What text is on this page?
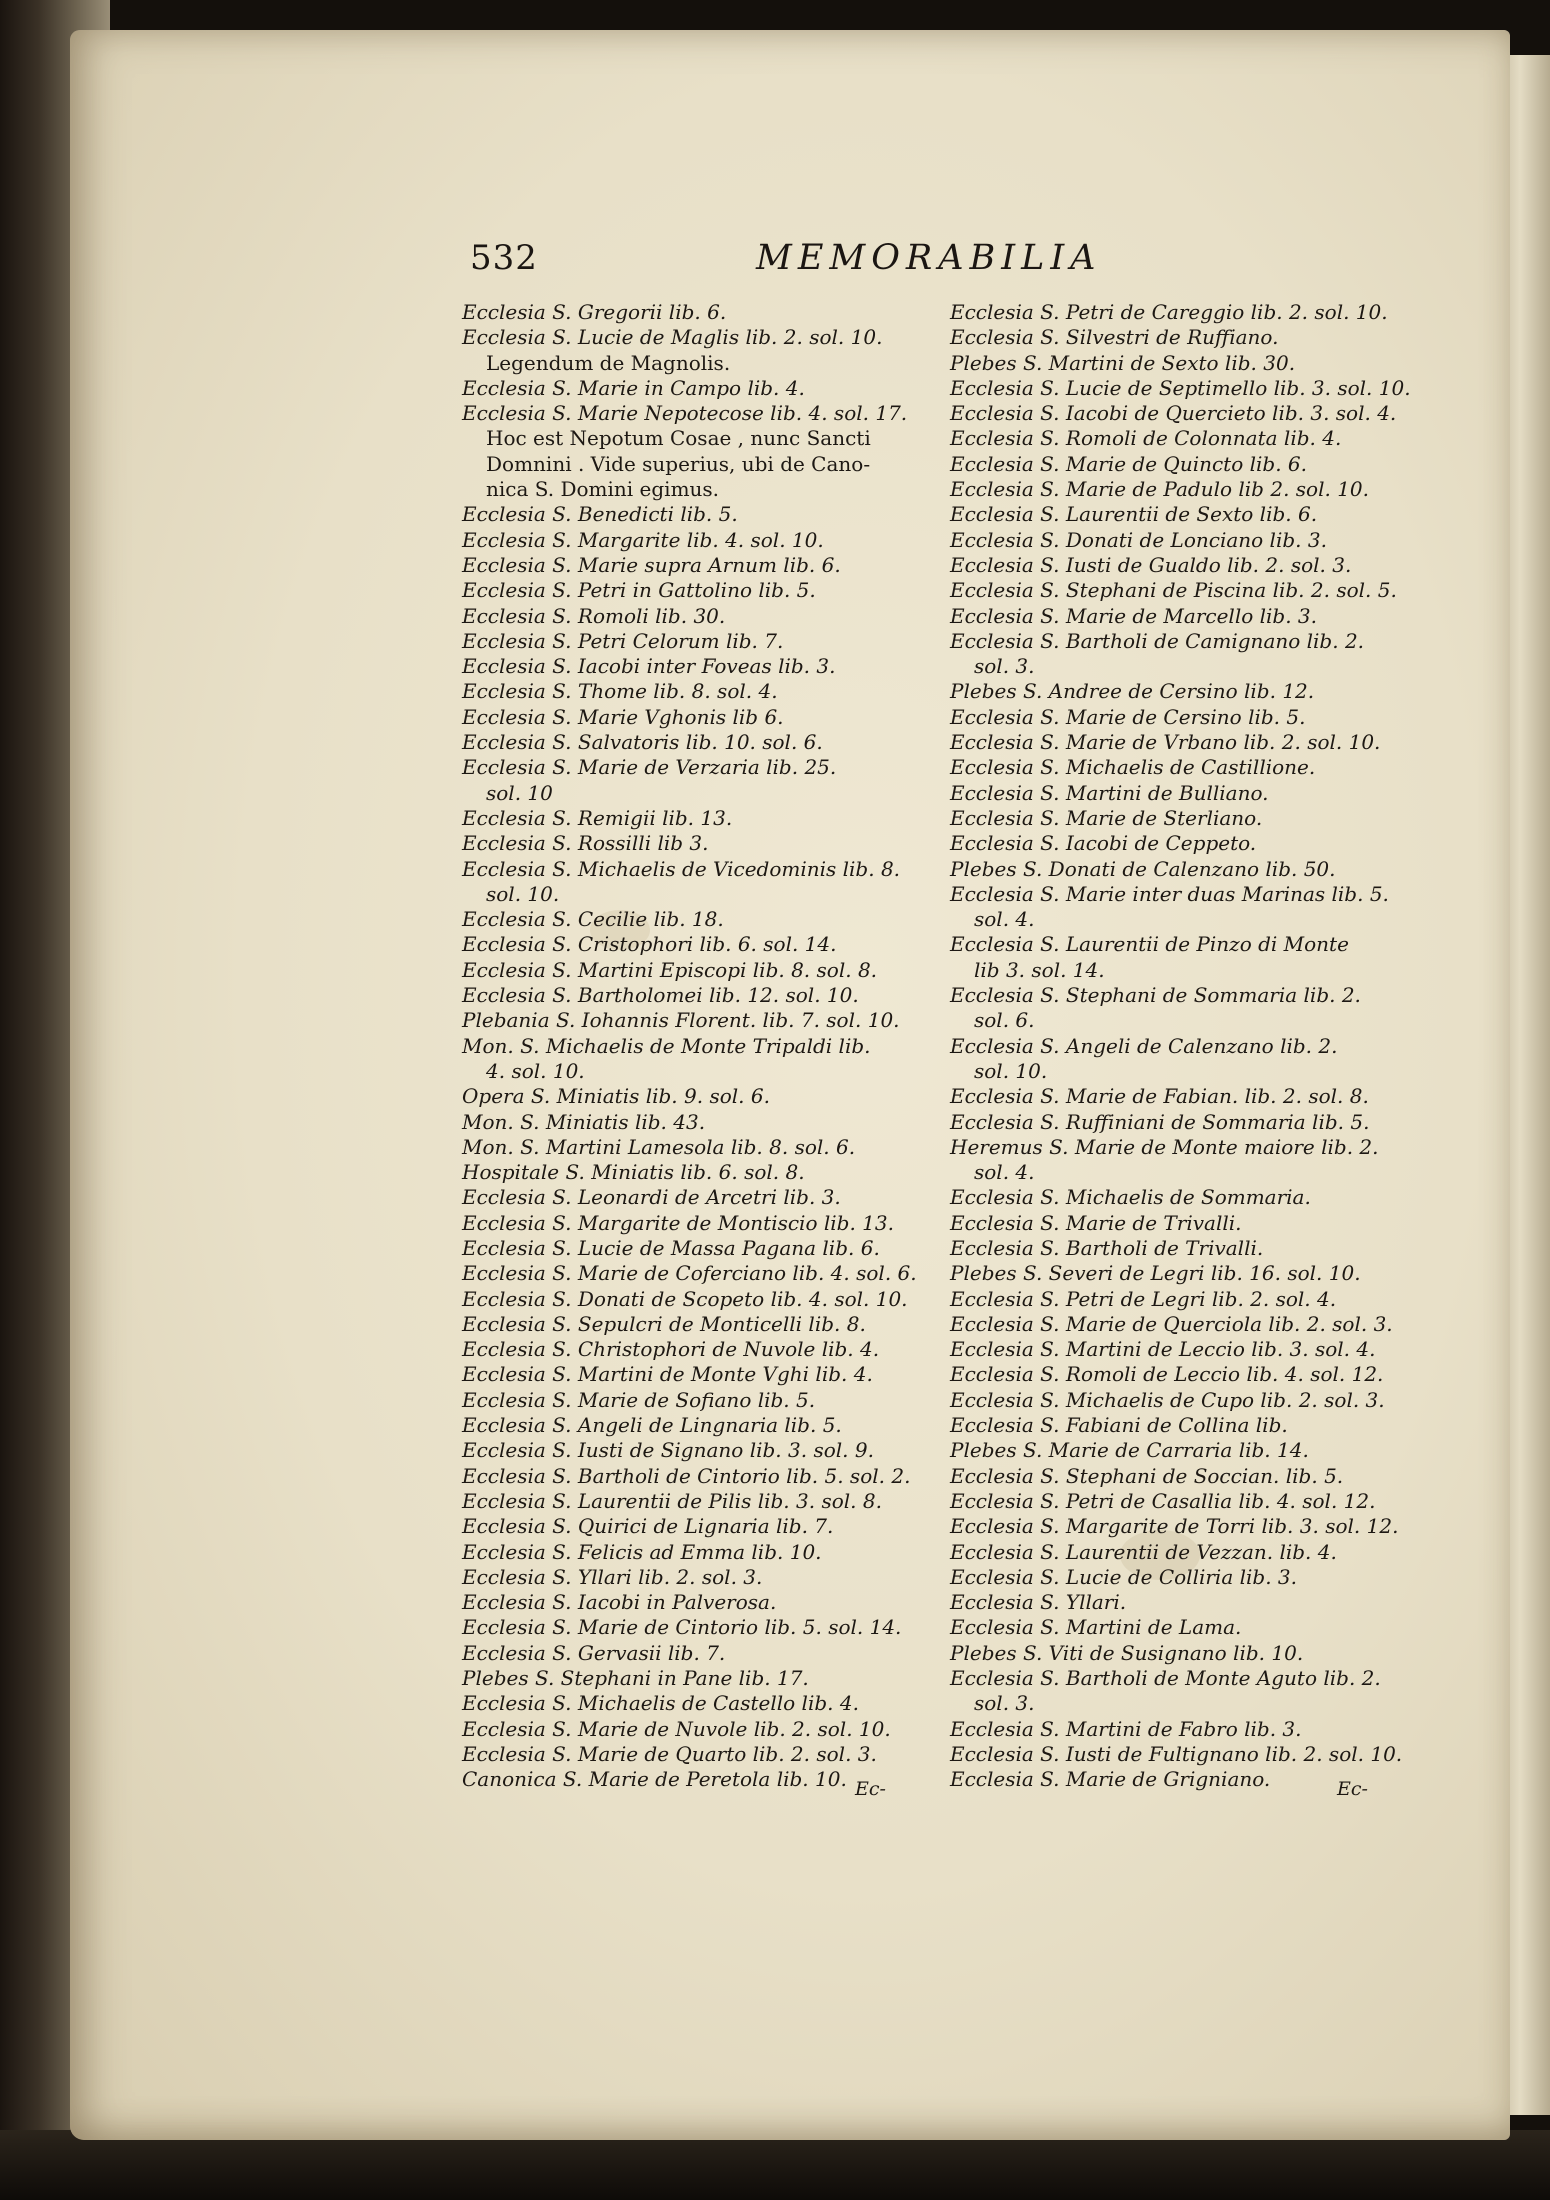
532	MEMORABILIA
Ecclesia S. Gregorii lib. 6.
Ecclesia S. Lucie de Maglis lib. 2. sol. 10.
Legendum de Magnolis.
Ecclesia S. Marie in Campo lib. 4.
Ecclesia S. Marie Nepotecose lib. 4. sol. 17.
Hoc est Nepotum Cosae , nunc Sancti
Domnini . Vide superius, ubi de Cano-
nica S. Domini egimus.
Ecclesia S. Benedicti lib. 5.
Ecclesia S. Margarite lib. 4. sol. 10.
Ecclesia S. Marie supra Arnum lib. 6.
Ecclesia S. Petri in Gattolino lib. 5.
Ecclesia S. Romoli lib. 30.
Ecclesia S. Petri Celorum lib. 7.
Ecclesia S. Iacobi inter Foveas lib. 3.
Ecclesia S. Thome lib. 8. sol. 4.
Ecclesia S. Marie Vghonis lib 6.
Ecclesia S. Salvatoris lib. 10. sol. 6.
Ecclesia S. Marie de Verzaria lib. 25.
sol. 10
Ecclesia S. Remigii lib. 13.
Ecclesia S. Rossilli lib 3.
Ecclesia S. Michaelis de Vicedominis lib. 8.
sol. 10.
Ecclesia S. Cecilie lib. 18.
Ecclesia S. Cristophori lib. 6. sol. 14.
Ecclesia S. Martini Episcopi lib. 8. sol. 8.
Ecclesia S. Bartholomei lib. 12. sol. 10.
Plebania S. Iohannis Florent. lib. 7. sol. 10.
Mon. S. Michaelis de Monte Tripaldi lib.
4. sol. 10.
Opera S. Miniatis lib. 9. sol. 6.
Mon. S. Miniatis lib. 43.
Mon. S. Martini Lamesola lib. 8. sol. 6.
Hospitale S. Miniatis lib. 6. sol. 8.
Ecclesia S. Leonardi de Arcetri lib. 3.
Ecclesia S. Margarite de Montiscio lib. 13.
Ecclesia S. Lucie de Massa Pagana lib. 6.
Ecclesia S. Marie de Coferciano lib. 4. sol. 6.
Ecclesia S. Donati de Scopeto lib. 4. sol. 10.
Ecclesia S. Sepulcri de Monticelli lib. 8.
Ecclesia S. Christophori de Nuvole lib. 4.
Ecclesia S. Martini de Monte Vghi lib. 4.
Ecclesia S. Marie de Sofiano lib. 5.
Ecclesia S. Angeli de Lingnaria lib. 5.
Ecclesia S. Iusti de Signano lib. 3. sol. 9.
Ecclesia S. Bartholi de Cintorio lib. 5. sol. 2.
Ecclesia S. Laurentii de Pilis lib. 3. sol. 8.
Ecclesia S. Quirici de Lignaria lib. 7.
Ecclesia S. Felicis ad Emma lib. 10.
Ecclesia S. Yllari lib. 2. sol. 3.
Ecclesia S. Iacobi in Palverosa.
Ecclesia S. Marie de Cintorio lib. 5. sol. 14.
Ecclesia S. Gervasii lib. 7.
Plebes S. Stephani in Pane lib. 17.
Ecclesia S. Michaelis de Castello lib. 4.
Ecclesia S. Marie de Nuvole lib. 2. sol. 10.
Ecclesia S. Marie de Quarto lib. 2. sol. 3.
Canonica S. Marie de Peretola lib. 10.
Ecclesia S. Petri de Careggio lib. 2. sol. 10.
Ecclesia S. Silvestri de Ruffiano.
Plebes S. Martini de Sexto lib. 30.
Ecclesia S. Lucie de Septimello lib. 3. sol. 10.
Ecclesia S. Iacobi de Quercieto lib. 3. sol. 4.
Ecclesia S. Romoli de Colonnata lib. 4.
Ecclesia S. Marie de Quincto lib. 6.
Ecclesia S. Marie de Padulo lib 2. sol. 10.
Ecclesia S. Laurentii de Sexto lib. 6.
Ecclesia S. Donati de Lonciano lib. 3.
Ecclesia S. Iusti de Gualdo lib. 2. sol. 3.
Ecclesia S. Stephani de Piscina lib. 2. sol. 5.
Ecclesia S. Marie de Marcello lib. 3.
Ecclesia S. Bartholi de Camignano lib. 2.
sol. 3.
Plebes S. Andree de Cersino lib. 12.
Ecclesia S. Marie de Cersino lib. 5.
Ecclesia S. Marie de Vrbano lib. 2. sol. 10.
Ecclesia S. Michaelis de Castillione.
Ecclesia S. Martini de Bulliano.
Ecclesia S. Marie de Sterliano.
Ecclesia S. Iacobi de Ceppeto.
Plebes S. Donati de Calenzano lib. 50.
Ecclesia S. Marie inter duas Marinas lib. 5.
sol. 4.
Ecclesia S. Laurentii de Pinzo di Monte
lib 3. sol. 14.
Ecclesia S. Stephani de Sommaria lib. 2.
sol. 6.
Ecclesia S. Angeli de Calenzano lib. 2.
sol. 10.
Ecclesia S. Marie de Fabian. lib. 2. sol. 8.
Ecclesia S. Ruffiniani de Sommaria lib. 5.
Heremus S. Marie de Monte maiore lib. 2.
sol. 4.
Ecclesia S. Michaelis de Sommaria.
Ecclesia S. Marie de Trivalli.
Ecclesia S. Bartholi de Trivalli.
Plebes S. Severi de Legri lib. 16. sol. 10.
Ecclesia S. Petri de Legri lib. 2. sol. 4.
Ecclesia S. Marie de Querciola lib. 2. sol. 3.
Ecclesia S. Martini de Leccio lib. 3. sol. 4.
Ecclesia S. Romoli de Leccio lib. 4. sol. 12.
Ecclesia S. Michaelis de Cupo lib. 2. sol. 3.
Ecclesia S. Fabiani de Collina lib.
Plebes S. Marie de Carraria lib. 14.
Ecclesia S. Stephani de Soccian. lib. 5.
Ecclesia S. Petri de Casallia lib. 4. sol. 12.
Ecclesia S. Margarite de Torri lib. 3. sol. 12.
Ecclesia S. Laurentii de Vezzan. lib. 4.
Ecclesia S. Lucie de Colliria lib. 3.
Ecclesia S. Yllari.
Ecclesia S. Martini de Lama.
Plebes S. Viti de Susignano lib. 10.
Ecclesia S. Bartholi de Monte Aguto lib. 2.
sol. 3.
Ecclesia S. Martini de Fabro lib. 3.
Ecclesia S. Iusti de Fultignano lib. 2. sol. 10.
Ecclesia S. Marie de Grigniano.
Ec-	Ec-
